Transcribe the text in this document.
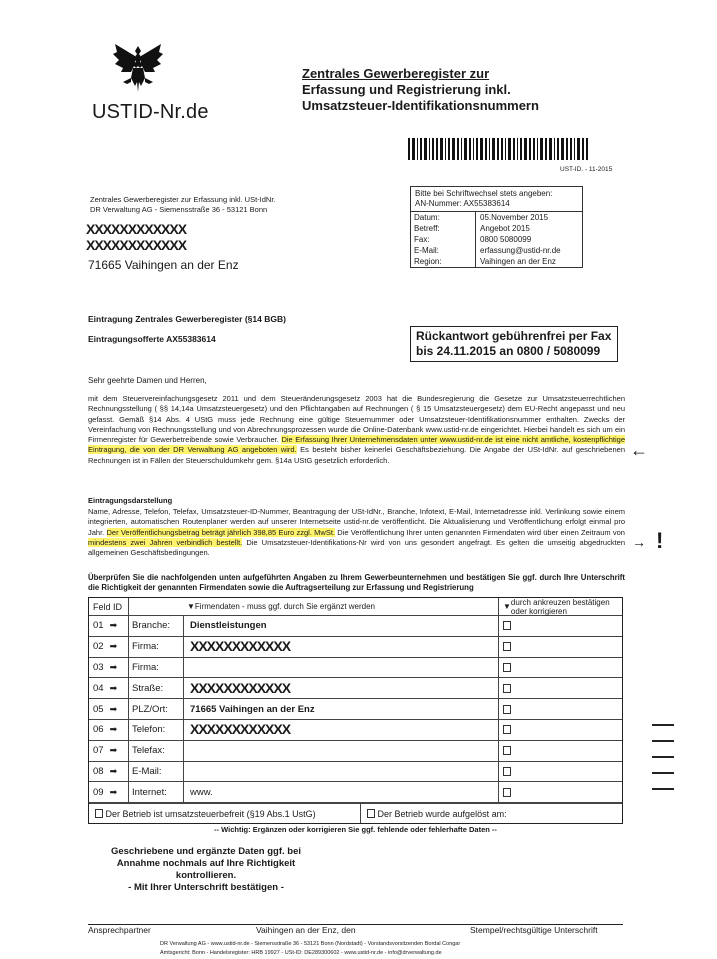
USTID-Nr.de
Zentrales Gewerberegister zur
Erfassung und Registrierung inkl.
Umsatzsteuer-Identifikationsnummern
UST-ID. - 11-2015
Zentrales Gewerberegister zur Erfassung inkl. USt-IdNr.
DR Verwaltung AG - Siemensstraße 36 - 53121 Bonn
XXXXXXXXXXXX
XXXXXXXXXXXX
71665 Vaihingen an der Enz
Bitte bei Schriftwechsel stets angeben:
AN-Nummer: AX55383614
Datum:	05.November 2015
Betreff:	Angebot 2015
Fax:	0800 5080099
E-Mail:	erfassung@ustid-nr.de
Region:	Vaihingen an der Enz
Eintragung Zentrales Gewerberegister (§14 BGB)
Eintragungsofferte AX55383614	Rückantwort gebührenfrei per Fax
bis 24.11.2015 an 0800 / 5080099
Sehr geehrte Damen und Herren,
mit dem Steuervereinfachungsgesetz 2011 und dem Steueränderungsgesetz 2003 hat die Bundesregierung die Gesetze zur Umsatzsteuerrechtlichen Rechnungsstellung ( §§ 14,14a Umsatzsteuergesetz) und den Pflichtangaben auf Rechnungen ( § 15 Umsatzsteuergesetz) dem EU-Recht angepasst und neu gefasst. Gemäß §14 Abs. 4 UStG muss jede Rechnung eine gültige Steuernummer oder Umsatzsteuer-Identifikationsnummer enthalten. Zwecks der Vereinfachung von Rechnungsstellung und von Abrechnungsprozessen wurde die Online-Datenbank www.ustid-nr.de eingerichtet. Hierbei handelt es sich um ein Firmenregister für Gewerbetreibende sowie Verbraucher. Die Erfassung Ihrer Unternehmensdaten unter www.ustid-nr.de ist eine nicht amtliche, kostenpflichtige Eintragung, die von der DR Verwaltung AG angeboten wird. Es besteht bisher keinerlei Geschäftsbeziehung. Die Angabe der USt-IdNr. auf geschriebenen Rechnungen ist in Fällen der Steuerschuldumkehr gem. §14a UStG gesetzlich erforderlich.
Eintragungsdarstellung
Name, Adresse, Telefon, Telefax, Umsatzsteuer-ID-Nummer, Beantragung der USt-IdNr., Branche, Infotext, E-Mail, Internetadresse inkl. Verlinkung sowie einem integrierten, automatischen Routenplaner werden auf unserer Internetseite ustid-nr.de veröffentlicht. Die Aktualisierung und Veröffentlichung erfolgt einmal pro Jahr. Der Veröffentlichungsbetrag beträgt jährlich 398,85 Euro zzgl. MwSt. Die Veröffentlichung Ihrer unten genannten Firmendaten wird über einen Zeitraum von mindestens zwei Jahren verbindlich bestellt. Die Umsatzsteuer-Identifikations-Nr wird von uns gesondert angefragt. Es gelten die umseitig abgedruckten allgemeinen Geschäftsbedingungen.
Überprüfen Sie die nachfolgenden unten aufgeführten Angaben zu Ihrem Gewerbeunternehmen und bestätigen Sie ggf. durch Ihre Unterschrift die Richtigkeit der genannten Firmendaten sowie die Auftragserteilung zur Erfassung und Registrierung
Feld ID	▼ Firmendaten - muss ggf. durch Sie ergänzt werden	▼ durch ankreuzen bestätigen oder korrigieren
01 ➡	Branche:	Dienstleistungen
02 ➡	Firma:	XXXXXXXXXXXX
03 ➡	Firma:
04 ➡	Straße:	XXXXXXXXXXXX
05 ➡	PLZ/Ort:	71665 Vaihingen an der Enz
06 ➡	Telefon:	XXXXXXXXXXXX
07 ➡	Telefax:
08 ➡	E-Mail:
09 ➡	Internet:	www.

Der Betrieb ist umsatzsteuerbefreit (§19 Abs.1 UstG)
	Der Betrieb wurde aufgelöst am:
-- Wichtig: Ergänzen oder korrigieren Sie ggf. fehlende oder fehlerhafte Daten --
Geschriebene und ergänzte Daten ggf. bei
Annahme nochmals auf Ihre Richtigkeit
kontrollieren.
- Mit Ihrer Unterschrift bestätigen -
Ansprechpartner	Vaihingen an der Enz, den	Stempel/rechtsgültige Unterschrift
DR Verwaltung AG - www.ustid-nr.de - Siemensstraße 36 - 53121 Bonn (Nordstadt) - Vorstandsvorsitzenden Bordal Congar
Amtsgericht: Bonn - Handelsregister: HRB 19927 - USt-ID: DE289300602 - www.ustid-nr.de - info@drverwaltung.de
←
!
→
